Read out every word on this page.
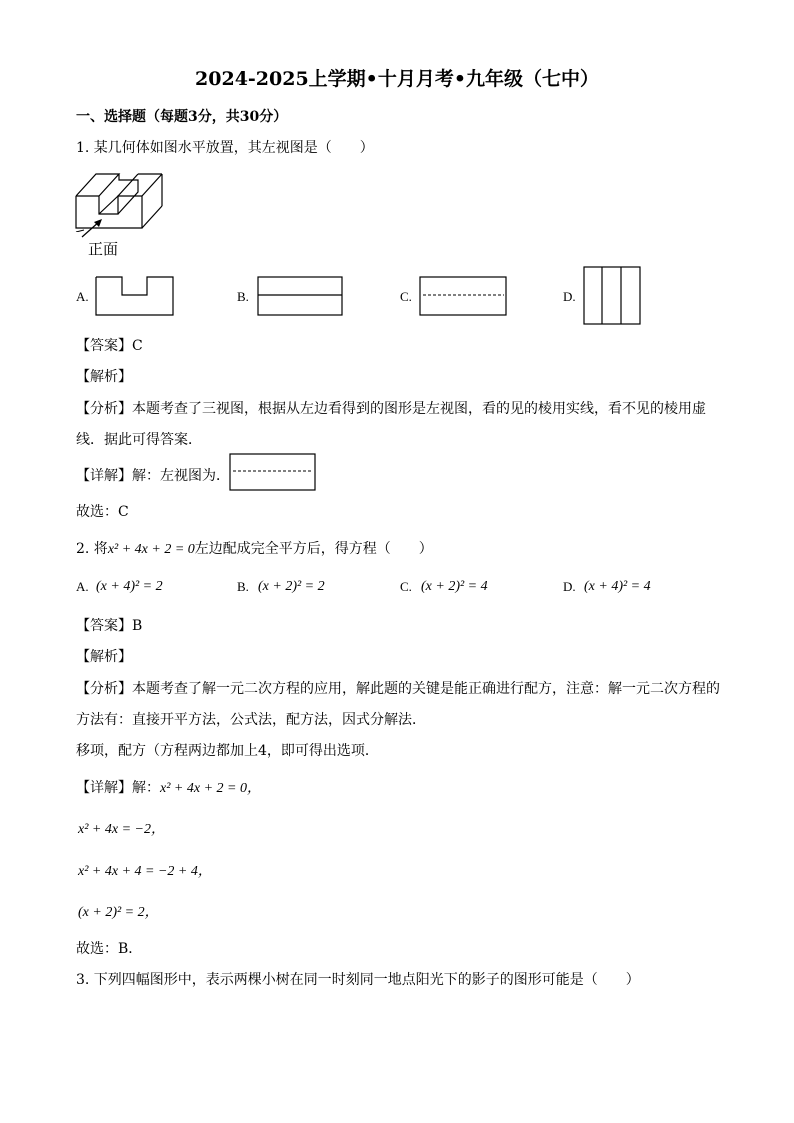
2024-2025上学期•十月月考•九年级（七中）
一、选择题（每题3分，共30分）
1. 某几何体如图水平放置，其左视图是（　　）
正面
A.	B.	C.	D.
【答案】C
【解析】
【分析】本题考查了三视图，根据从左边看得到的图形是左视图，看的见的棱用实线，看不见的棱用虚
线．据此可得答案．
【详解】解：左视图为．
故选：C
2. 将x² + 4x + 2 = 0左边配成完全平方后，得方程（　　）
A. (x + 4)² = 2	B. (x + 2)² = 2	C. (x + 2)² = 4	D. (x + 4)² = 4
【答案】B
【解析】
【分析】本题考查了解一元二次方程的应用，解此题的关键是能正确进行配方，注意：解一元二次方程的
方法有：直接开平方法，公式法，配方法，因式分解法．
移项，配方（方程两边都加上4，即可得出选项．
【详解】解：x² + 4x + 2 = 0，
x² + 4x = −2，
x² + 4x + 4 = −2 + 4，
(x + 2)² = 2，
故选：B．
3. 下列四幅图形中，表示两棵小树在同一时刻同一地点阳光下的影子的图形可能是（　　）
